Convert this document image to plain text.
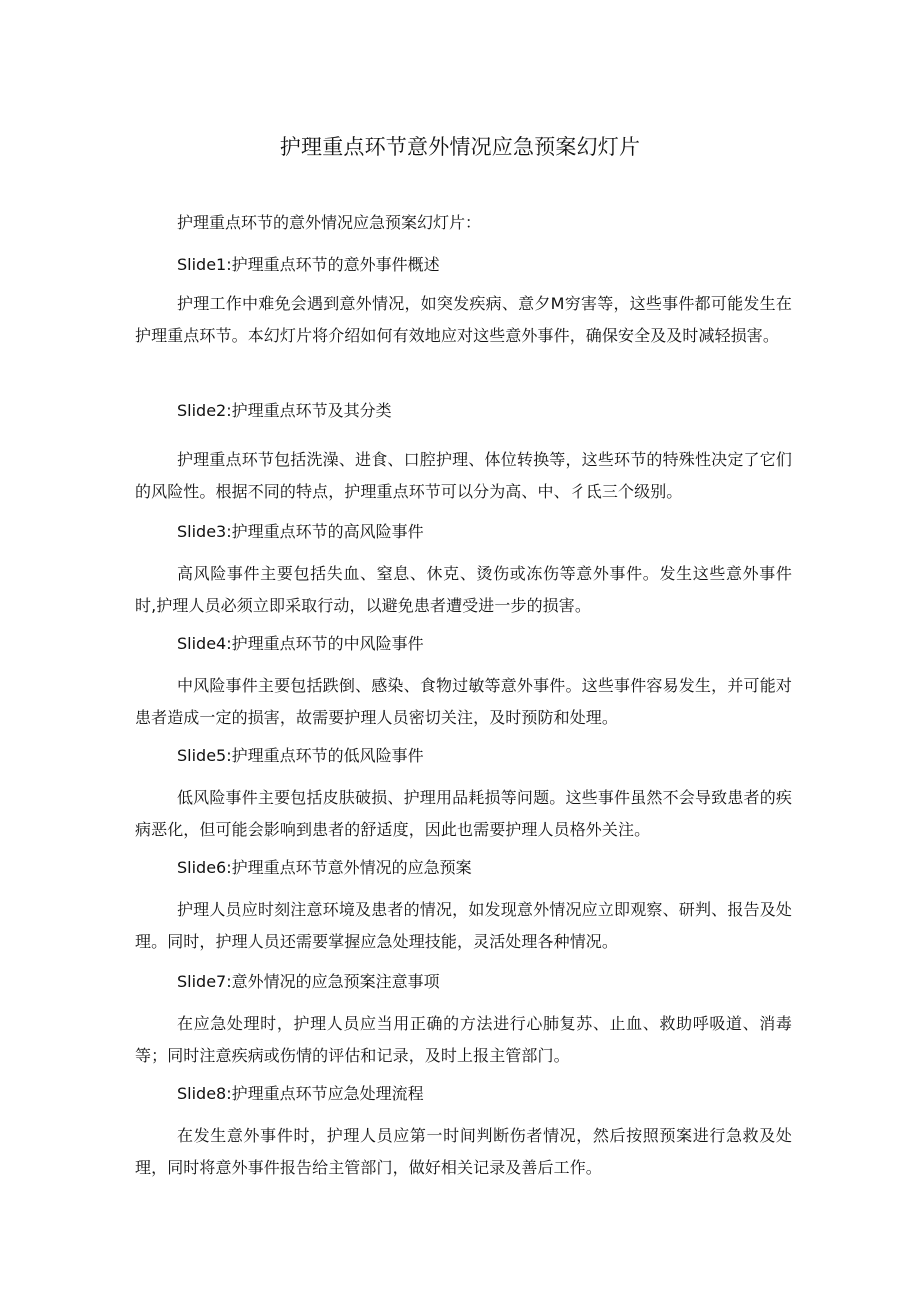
护理重点环节意外情况应急预案幻灯片

护理重点环节的意外情况应急预案幻灯片：

Slide1:护理重点环节的意外事件概述

护理工作中难免会遇到意外情况，如突发疾病、意夕M穷害等，这些事件都可能发生在护理重点环节。本幻灯片将介绍如何有效地应对这些意外事件，确保安全及及时减轻损害。

Slide2:护理重点环节及其分类

护理重点环节包括洗澡、进食、口腔护理、体位转换等，这些环节的特殊性决定了它们的风险性。根据不同的特点，护理重点环节可以分为高、中、彳氐三个级别。

Slide3:护理重点环节的高风险事件

高风险事件主要包括失血、窒息、休克、烫伤或冻伤等意外事件。发生这些意外事件时,护理人员必须立即采取行动，以避免患者遭受进一步的损害。

Slide4:护理重点环节的中风险事件

中风险事件主要包括跌倒、感染、食物过敏等意外事件。这些事件容易发生，并可能对患者造成一定的损害，故需要护理人员密切关注，及时预防和处理。

Slide5:护理重点环节的低风险事件

低风险事件主要包括皮肤破损、护理用品耗损等问题。这些事件虽然不会导致患者的疾病恶化，但可能会影响到患者的舒适度，因此也需要护理人员格外关注。

Slide6:护理重点环节意外情况的应急预案

护理人员应时刻注意环境及患者的情况，如发现意外情况应立即观察、研判、报告及处理。同时，护理人员还需要掌握应急处理技能，灵活处理各种情况。

Slide7:意外情况的应急预案注意事项

在应急处理时，护理人员应当用正确的方法进行心肺复苏、止血、救助呼吸道、消毒等；同时注意疾病或伤情的评估和记录，及时上报主管部门。

Slide8:护理重点环节应急处理流程

在发生意外事件时，护理人员应第一时间判断伤者情况，然后按照预案进行急救及处理，同时将意外事件报告给主管部门，做好相关记录及善后工作。
